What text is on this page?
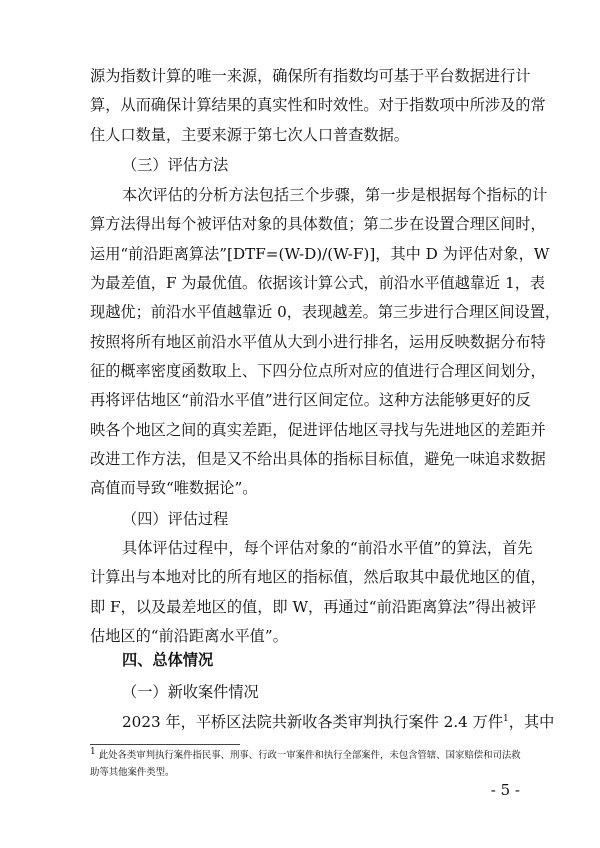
源为指数计算的唯一来源，确保所有指数均可基于平台数据进行计
算，从而确保计算结果的真实性和时效性。对于指数项中所涉及的常
住人口数量，主要来源于第七次人口普查数据。
（三）评估方法
本次评估的分析方法包括三个步骤，第一步是根据每个指标的计
算方法得出每个被评估对象的具体数值；第二步在设置合理区间时，
运用“前沿距离算法”[DTF=(W-D)/(W-F)]，其中 D 为评估对象，W
为最差值，F 为最优值。依据该计算公式，前沿水平值越靠近 1，表
现越优；前沿水平值越靠近 0，表现越差。第三步进行合理区间设置，
按照将所有地区前沿水平值从大到小进行排名，运用反映数据分布特
征的概率密度函数取上、下四分位点所对应的值进行合理区间划分，
再将评估地区“前沿水平值”进行区间定位。这种方法能够更好的反
映各个地区之间的真实差距，促进评估地区寻找与先进地区的差距并
改进工作方法，但是又不给出具体的指标目标值，避免一味追求数据
高值而导致“唯数据论”。
（四）评估过程
具体评估过程中，每个评估对象的“前沿水平值”的算法，首先
计算出与本地对比的所有地区的指标值，然后取其中最优地区的值，
即 F，以及最差地区的值，即 W，再通过“前沿距离算法”得出被评
估地区的“前沿距离水平值”。
四、总体情况
（一）新收案件情况
2023 年，平桥区法院共新收各类审判执行案件 2.4 万件$^1$，其中
1 此处各类审判执行案件指民事、刑事、行政一审案件和执行全部案件，未包含管辖、国家赔偿和司法救
助等其他案件类型。
- 5 -
